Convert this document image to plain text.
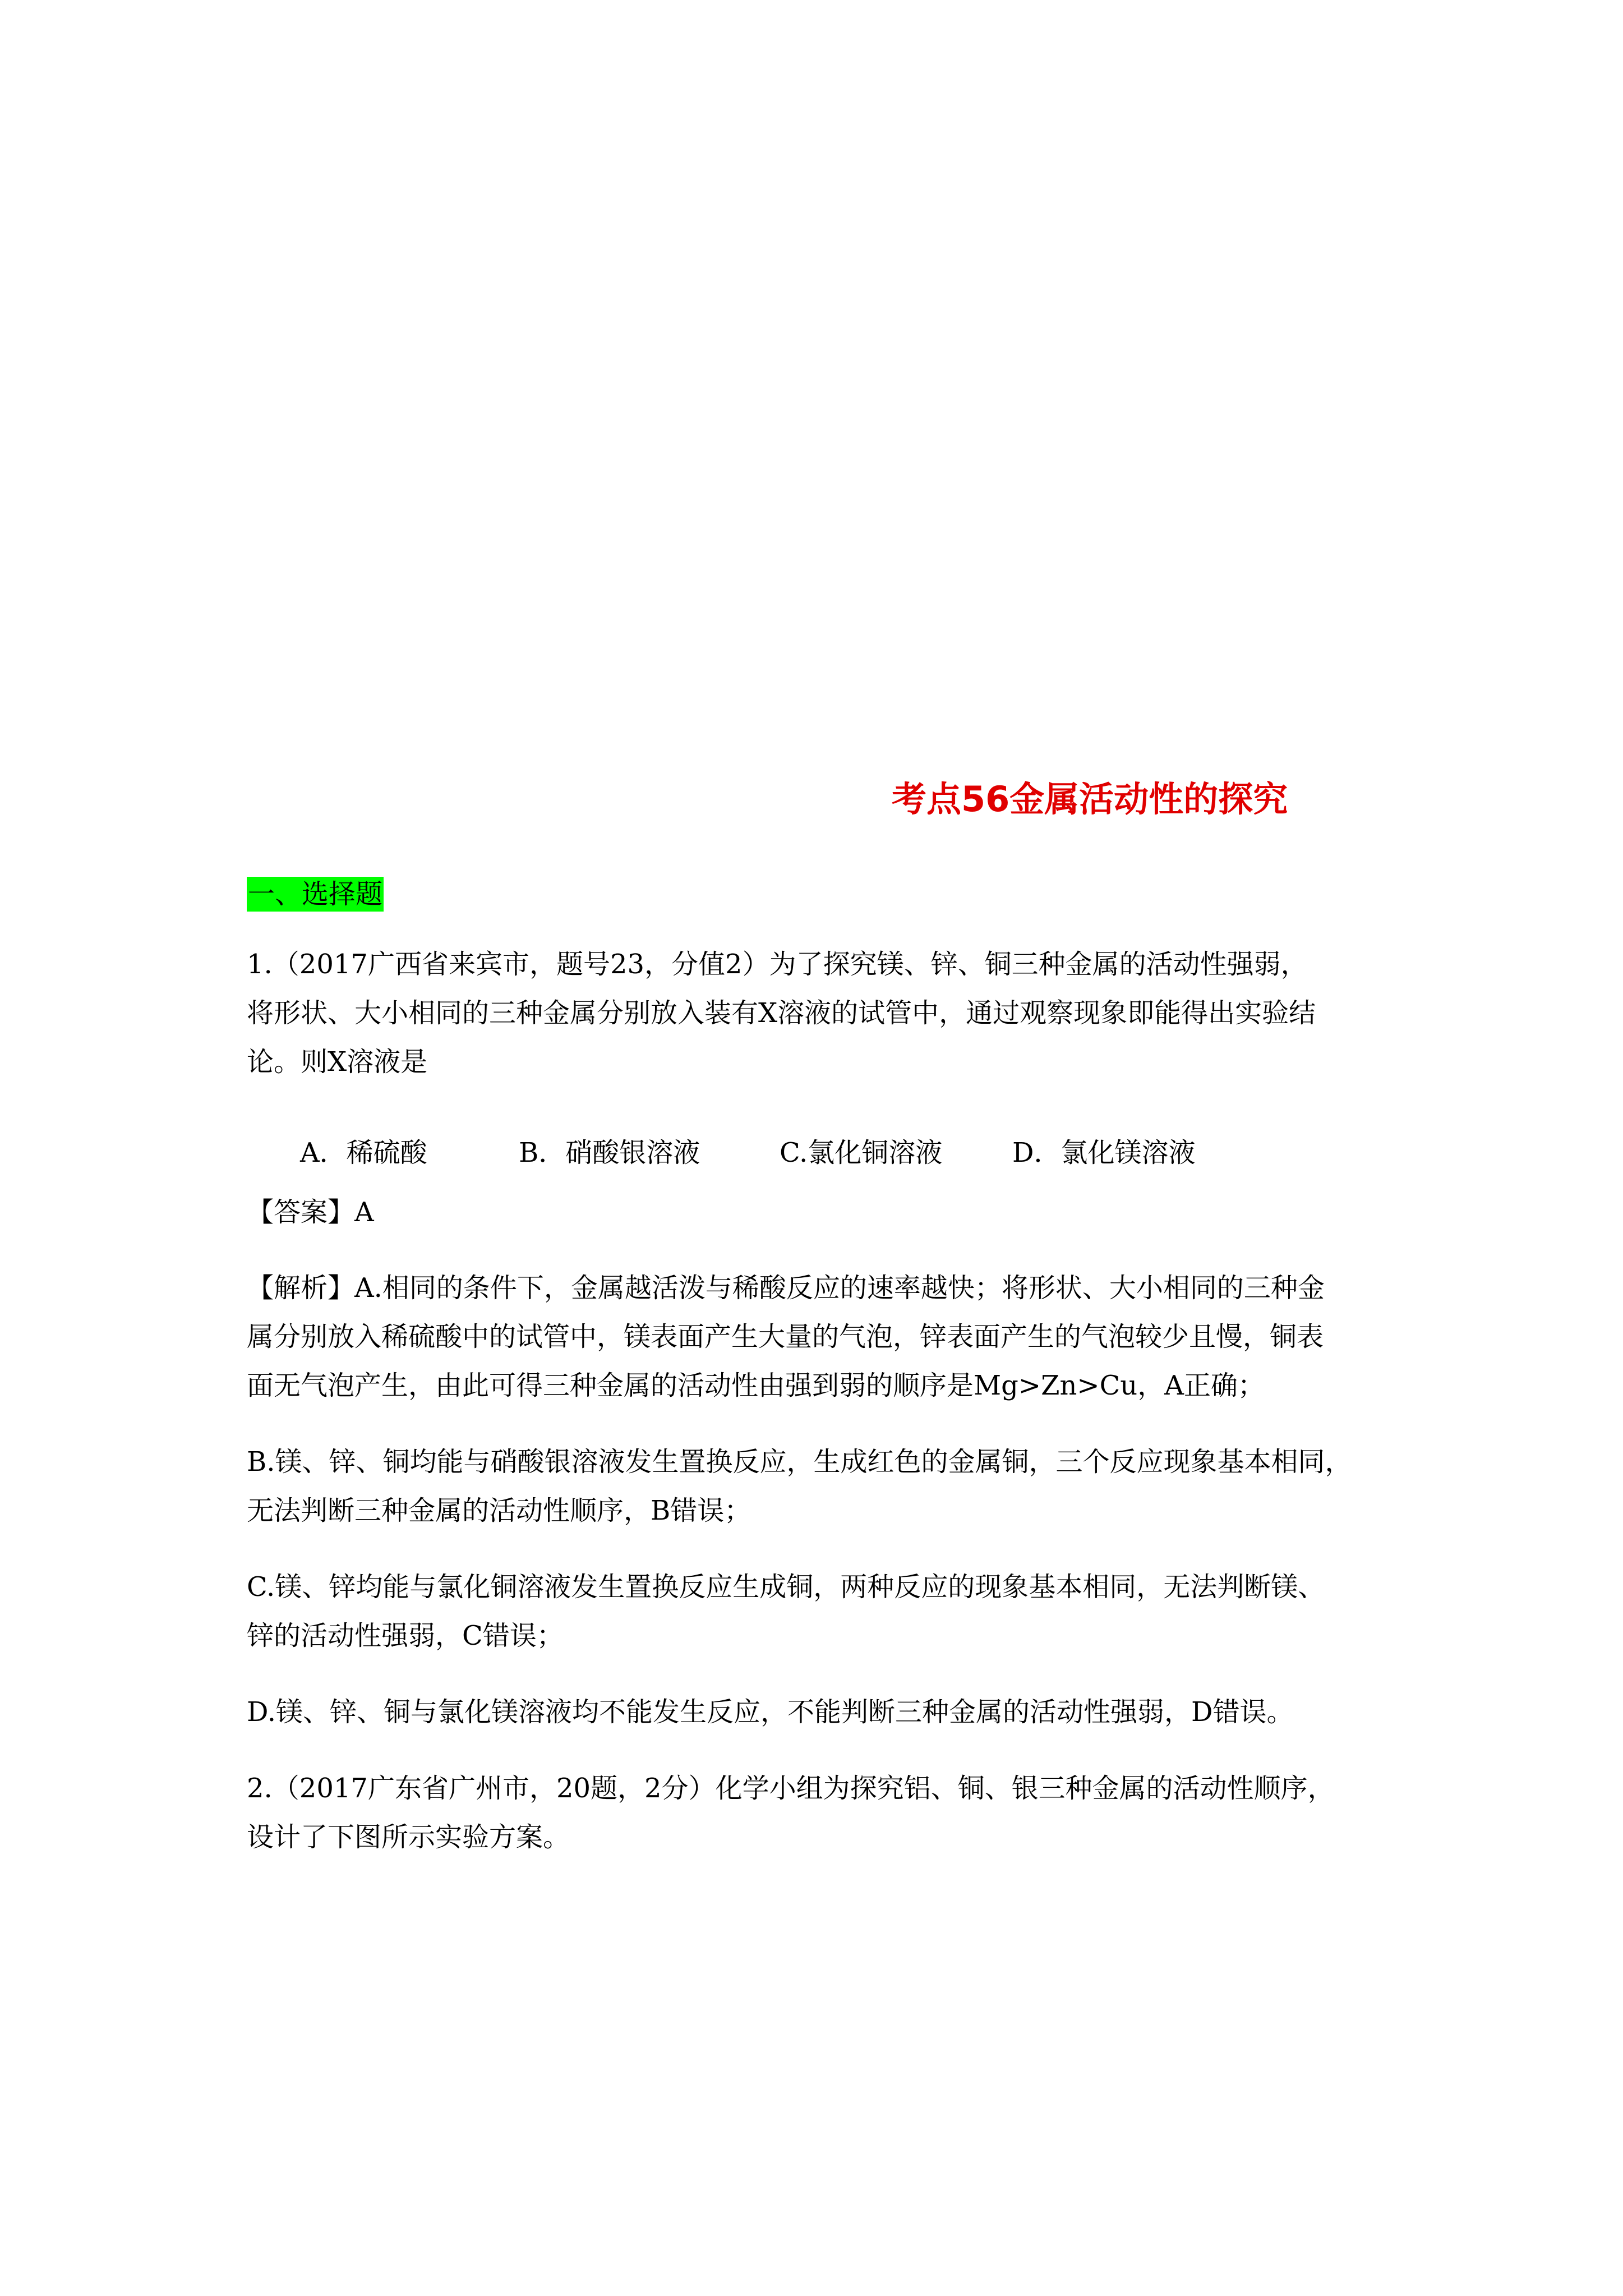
考点56金属活动性的探究
一、选择题
1.（2017广西省来宾市，题号23，分值2）为了探究镁、锌、铜三种金属的活动性强弱，
将形状、大小相同的三种金属分别放入装有X溶液的试管中，通过观察现象即能得出实验结
论。则X溶液是
A．稀硫酸	B．硝酸银溶液	C.氯化铜溶液	D．氯化镁溶液
【答案】A
【解析】A.相同的条件下，金属越活泼与稀酸反应的速率越快；将形状、大小相同的三种金
属分别放入稀硫酸中的试管中，镁表面产生大量的气泡，锌表面产生的气泡较少且慢，铜表
面无气泡产生，由此可得三种金属的活动性由强到弱的顺序是Mg>Zn>Cu，A正确；
B.镁、锌、铜均能与硝酸银溶液发生置换反应，生成红色的金属铜，三个反应现象基本相同，
无法判断三种金属的活动性顺序，B错误；
C.镁、锌均能与氯化铜溶液发生置换反应生成铜，两种反应的现象基本相同，无法判断镁、
锌的活动性强弱，C错误；
D.镁、锌、铜与氯化镁溶液均不能发生反应，不能判断三种金属的活动性强弱，D错误。
2.（2017广东省广州市，20题，2分）化学小组为探究铝、铜、银三种金属的活动性顺序，
设计了下图所示实验方案。
